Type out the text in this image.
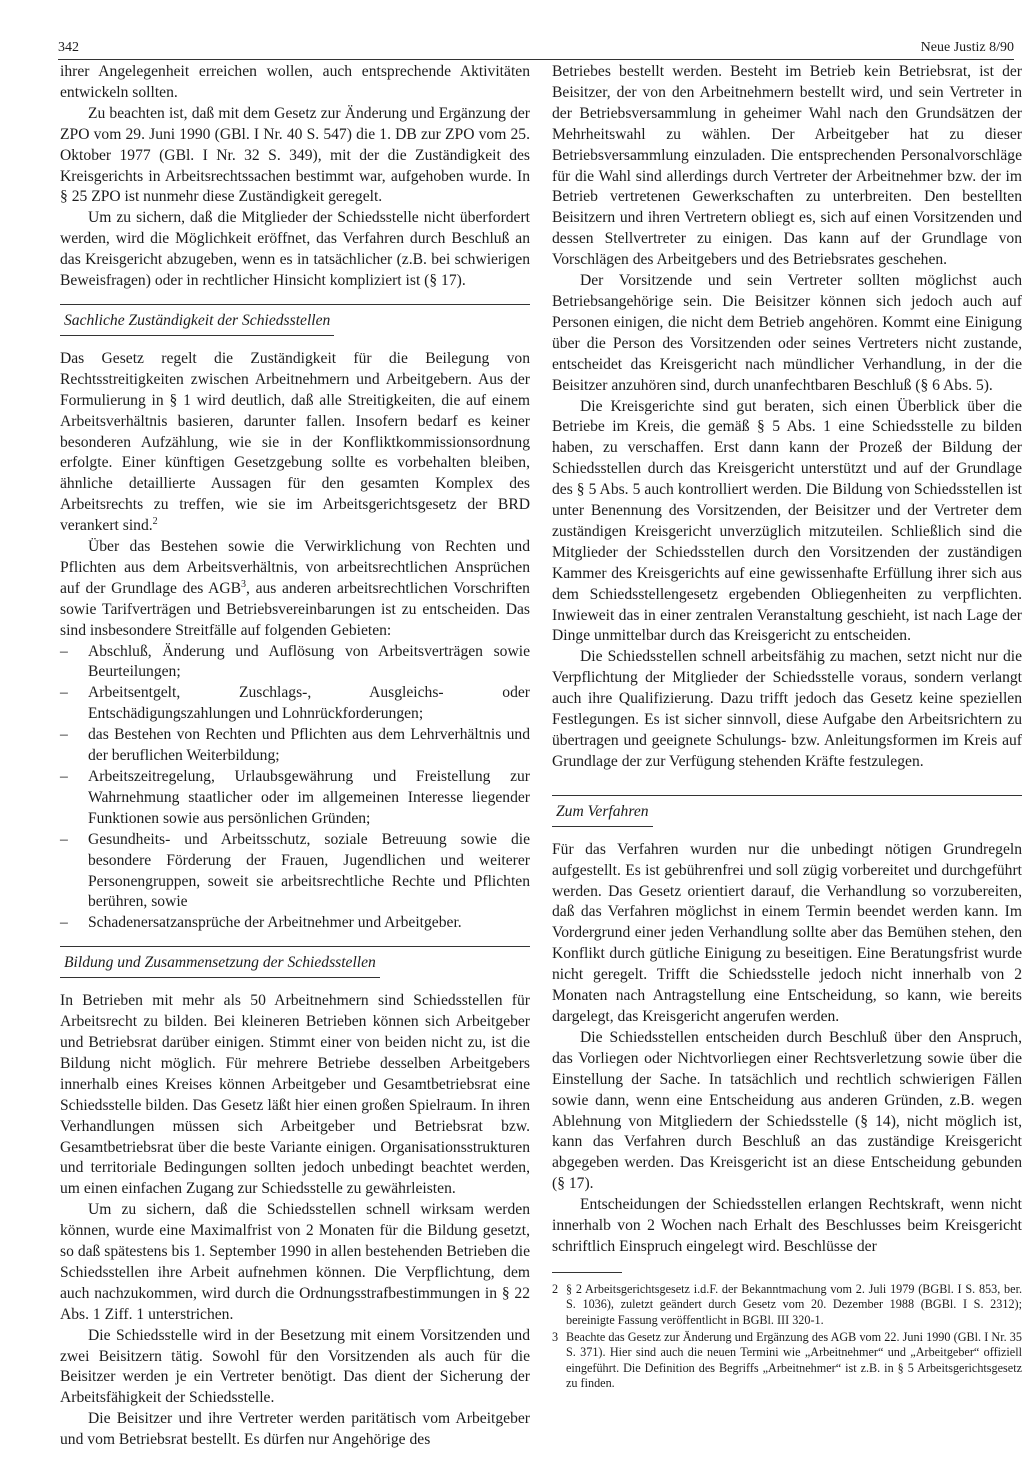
342	Neue Justiz 8/90

ihrer Angelegenheit erreichen wollen, auch entsprechende Aktivitäten entwickeln sollten.

Zu beachten ist, daß mit dem Gesetz zur Änderung und Ergänzung der ZPO vom 29. Juni 1990 (GBl. I Nr. 40 S. 547) die 1. DB zur ZPO vom 25. Oktober 1977 (GBl. I Nr. 32 S. 349), mit der die Zuständigkeit des Kreisgerichts in Arbeitsrechtssachen bestimmt war, aufgehoben wurde. In § 25 ZPO ist nunmehr diese Zuständigkeit geregelt.

Um zu sichern, daß die Mitglieder der Schiedsstelle nicht überfordert werden, wird die Möglichkeit eröffnet, das Verfahren durch Beschluß an das Kreisgericht abzugeben, wenn es in tatsächlicher (z.B. bei schwierigen Beweisfragen) oder in rechtlicher Hinsicht kompliziert ist (§ 17).

Sachliche Zuständigkeit der Schiedsstellen

Das Gesetz regelt die Zuständigkeit für die Beilegung von Rechtsstreitigkeiten zwischen Arbeitnehmern und Arbeitgebern. Aus der Formulierung in § 1 wird deutlich, daß alle Streitigkeiten, die auf einem Arbeitsverhältnis basieren, darunter fallen. Insofern bedarf es keiner besonderen Aufzählung, wie sie in der Konfliktkommissionsordnung erfolgte. Einer künftigen Gesetzgebung sollte es vorbehalten bleiben, ähnliche detaillierte Aussagen für den gesamten Komplex des Arbeitsrechts zu treffen, wie sie im Arbeitsgerichtsgesetz der BRD verankert sind.$^2$

Über das Bestehen sowie die Verwirklichung von Rechten und Pflichten aus dem Arbeitsverhältnis, von arbeitsrechtlichen Ansprüchen auf der Grundlage des AGB$^3$, aus anderen arbeitsrechtlichen Vorschriften sowie Tarifverträgen und Betriebsvereinbarungen ist zu entscheiden. Das sind insbesondere Streitfälle auf folgenden Gebieten:

– Abschluß, Änderung und Auflösung von Arbeitsverträgen sowie Beurteilungen;
– Arbeitsentgelt, Zuschlags-, Ausgleichs- oder Entschädigungszahlungen und Lohnrückforderungen;
– das Bestehen von Rechten und Pflichten aus dem Lehrverhältnis und der beruflichen Weiterbildung;
– Arbeitszeitregelung, Urlaubsgewährung und Freistellung zur Wahrnehmung staatlicher oder im allgemeinen Interesse liegender Funktionen sowie aus persönlichen Gründen;
– Gesundheits- und Arbeitsschutz, soziale Betreuung sowie die besondere Förderung der Frauen, Jugendlichen und weiterer Personengruppen, soweit sie arbeitsrechtliche Rechte und Pflichten berühren, sowie
– Schadenersatzansprüche der Arbeitnehmer und Arbeitgeber.
Bildung und Zusammensetzung der Schiedsstellen

In Betrieben mit mehr als 50 Arbeitnehmern sind Schiedsstellen für Arbeitsrecht zu bilden. Bei kleineren Betrieben können sich Arbeitgeber und Betriebsrat darüber einigen. Stimmt einer von beiden nicht zu, ist die Bildung nicht möglich. Für mehrere Betriebe desselben Arbeitgebers innerhalb eines Kreises können Arbeitgeber und Gesamtbetriebsrat eine Schiedsstelle bilden. Das Gesetz läßt hier einen großen Spielraum. In ihren Verhandlungen müssen sich Arbeitgeber und Betriebsrat bzw. Gesamtbetriebsrat über die beste Variante einigen. Organisationsstrukturen und territoriale Bedingungen sollten jedoch unbedingt beachtet werden, um einen einfachen Zugang zur Schiedsstelle zu gewährleisten.

Um zu sichern, daß die Schiedsstellen schnell wirksam werden können, wurde eine Maximalfrist von 2 Monaten für die Bildung gesetzt, so daß spätestens bis 1. September 1990 in allen bestehenden Betrieben die Schiedsstellen ihre Arbeit aufnehmen können. Die Verpflichtung, dem auch nachzukommen, wird durch die Ordnungsstrafbestimmungen in § 22 Abs. 1 Ziff. 1 unterstrichen.

Die Schiedsstelle wird in der Besetzung mit einem Vorsitzenden und zwei Beisitzern tätig. Sowohl für den Vorsitzenden als auch für die Beisitzer werden je ein Vertreter benötigt. Das dient der Sicherung der Arbeitsfähigkeit der Schiedsstelle.

Die Beisitzer und ihre Vertreter werden paritätisch vom Arbeitgeber und vom Betriebsrat bestellt. Es dürfen nur Angehörige des

Betriebes bestellt werden. Besteht im Betrieb kein Betriebsrat, ist der Beisitzer, der von den Arbeitnehmern bestellt wird, und sein Vertreter in der Betriebsversammlung in geheimer Wahl nach den Grundsätzen der Mehrheitswahl zu wählen. Der Arbeitgeber hat zu dieser Betriebsversammlung einzuladen. Die entsprechenden Personalvorschläge für die Wahl sind allerdings durch Vertreter der Arbeitnehmer bzw. der im Betrieb vertretenen Gewerkschaften zu unterbreiten. Den bestellten Beisitzern und ihren Vertretern obliegt es, sich auf einen Vorsitzenden und dessen Stellvertreter zu einigen. Das kann auf der Grundlage von Vorschlägen des Arbeitgebers und des Betriebsrates geschehen.

Der Vorsitzende und sein Vertreter sollten möglichst auch Betriebsangehörige sein. Die Beisitzer können sich jedoch auch auf Personen einigen, die nicht dem Betrieb angehören. Kommt eine Einigung über die Person des Vorsitzenden oder seines Vertreters nicht zustande, entscheidet das Kreisgericht nach mündlicher Verhandlung, in der die Beisitzer anzuhören sind, durch unanfechtbaren Beschluß (§ 6 Abs. 5).

Die Kreisgerichte sind gut beraten, sich einen Überblick über die Betriebe im Kreis, die gemäß § 5 Abs. 1 eine Schiedsstelle zu bilden haben, zu verschaffen. Erst dann kann der Prozeß der Bildung der Schiedsstellen durch das Kreisgericht unterstützt und auf der Grundlage des § 5 Abs. 5 auch kontrolliert werden. Die Bildung von Schiedsstellen ist unter Benennung des Vorsitzenden, der Beisitzer und der Vertreter dem zuständigen Kreisgericht unverzüglich mitzuteilen. Schließlich sind die Mitglieder der Schiedsstellen durch den Vorsitzenden der zuständigen Kammer des Kreisgerichts auf eine gewissenhafte Erfüllung ihrer sich aus dem Schiedsstellengesetz ergebenden Obliegenheiten zu verpflichten. Inwieweit das in einer zentralen Veranstaltung geschieht, ist nach Lage der Dinge unmittelbar durch das Kreisgericht zu entscheiden.

Die Schiedsstellen schnell arbeitsfähig zu machen, setzt nicht nur die Verpflichtung der Mitglieder der Schiedsstelle voraus, sondern verlangt auch ihre Qualifizierung. Dazu trifft jedoch das Gesetz keine speziellen Festlegungen. Es ist sicher sinnvoll, diese Aufgabe den Arbeitsrichtern zu übertragen und geeignete Schulungs- bzw. Anleitungsformen im Kreis auf Grundlage der zur Verfügung stehenden Kräfte festzulegen.

Zum Verfahren

Für das Verfahren wurden nur die unbedingt nötigen Grundregeln aufgestellt. Es ist gebührenfrei und soll zügig vorbereitet und durchgeführt werden. Das Gesetz orientiert darauf, die Verhandlung so vorzubereiten, daß das Verfahren möglichst in einem Termin beendet werden kann. Im Vordergrund einer jeden Verhandlung sollte aber das Bemühen stehen, den Konflikt durch gütliche Einigung zu beseitigen. Eine Beratungsfrist wurde nicht geregelt. Trifft die Schiedsstelle jedoch nicht innerhalb von 2 Monaten nach Antragstellung eine Entscheidung, so kann, wie bereits dargelegt, das Kreisgericht angerufen werden.

Die Schiedsstellen entscheiden durch Beschluß über den Anspruch, das Vorliegen oder Nichtvorliegen einer Rechtsverletzung sowie über die Einstellung der Sache. In tatsächlich und rechtlich schwierigen Fällen sowie dann, wenn eine Entscheidung aus anderen Gründen, z.B. wegen Ablehnung von Mitgliedern der Schiedsstelle (§ 14), nicht möglich ist, kann das Verfahren durch Beschluß an das zuständige Kreisgericht abgegeben werden. Das Kreisgericht ist an diese Entscheidung gebunden (§ 17).

Entscheidungen der Schiedsstellen erlangen Rechtskraft, wenn nicht innerhalb von 2 Wochen nach Erhalt des Beschlusses beim Kreisgericht schriftlich Einspruch eingelegt wird. Beschlüsse der

2 § 2 Arbeitsgerichtsgesetz i.d.F. der Bekanntmachung vom 2. Juli 1979 (BGBl. I S. 853, ber. S. 1036), zuletzt geändert durch Gesetz vom 20. Dezember 1988 (BGBl. I S. 2312); bereinigte Fassung veröffentlicht in BGBl. III 320-1.
3 Beachte das Gesetz zur Änderung und Ergänzung des AGB vom 22. Juni 1990 (GBl. I Nr. 35 S. 371). Hier sind auch die neuen Termini wie „Arbeitnehmer“ und „Arbeitgeber“ offiziell eingeführt. Die Definition des Begriffs „Arbeitnehmer“ ist z.B. in § 5 Arbeitsgerichtsgesetz zu finden.
